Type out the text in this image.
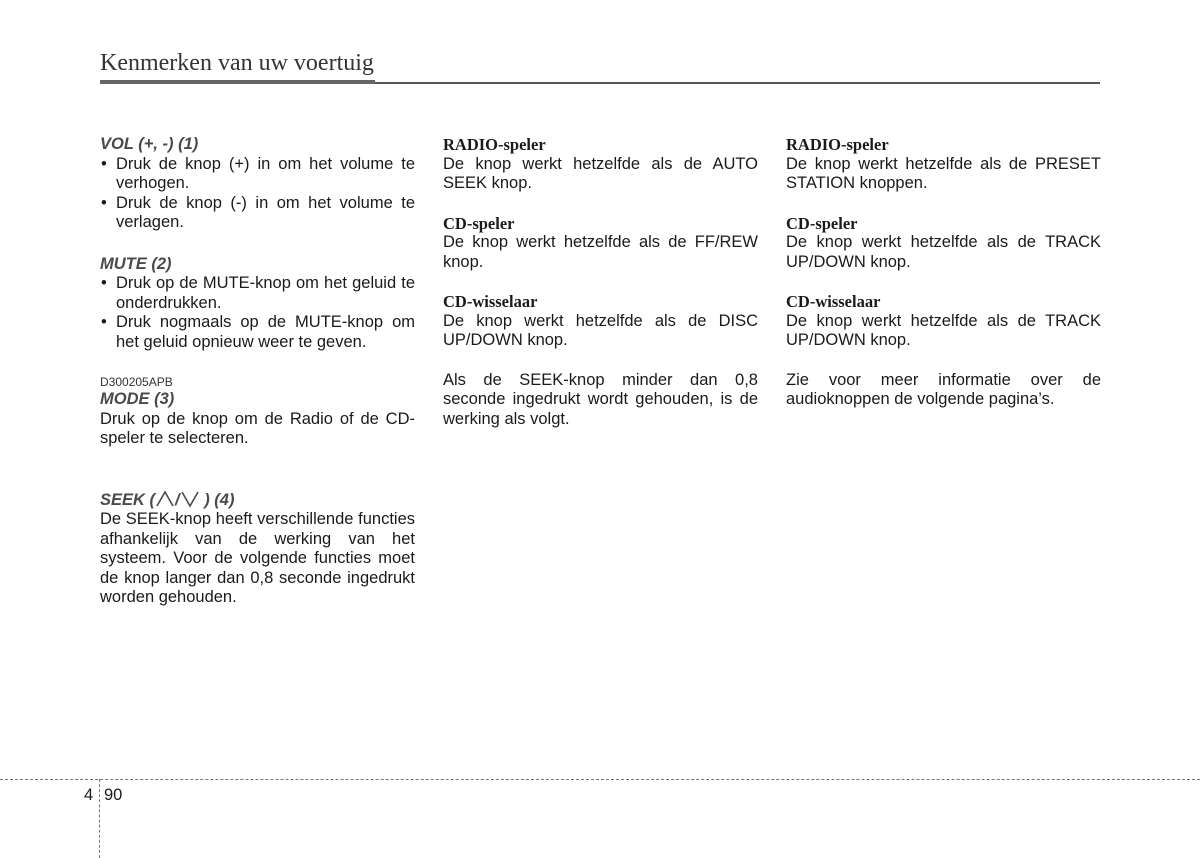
Kenmerken van uw voertuig

VOL (+, -) (1)

• Druk de knop (+) in om het volume te verhogen.
• Druk de knop (-) in om het volume te verlagen.

MUTE (2)

• Druk op de MUTE-knop om het geluid te onderdrukken.
• Druk nogmaals op de MUTE-knop om het geluid opnieuw weer te geven.

D300205APB

MODE (3)

Druk op de knop om de Radio of de CD-speler te selecteren.

SEEK ( / ) (4)

De SEEK-knop heeft verschillende functies afhankelijk van de werking van het systeem. Voor de volgende functies moet de knop langer dan 0,8 seconde ingedrukt worden gehouden.

RADIO-speler

De knop werkt hetzelfde als de AUTO SEEK knop.

CD-speler

De knop werkt hetzelfde als de FF/REW knop.

CD-wisselaar

De knop werkt hetzelfde als de DISC UP/DOWN knop.

Als de SEEK-knop minder dan 0,8 seconde ingedrukt wordt gehouden, is de werking als volgt.

RADIO-speler

De knop werkt hetzelfde als de PRESET STATION knoppen.

CD-speler

De knop werkt hetzelfde als de TRACK UP/DOWN knop.

CD-wisselaar

De knop werkt hetzelfde als de TRACK UP/DOWN knop.

Zie voor meer informatie over de audioknoppen de volgende pagina’s.

4 90
